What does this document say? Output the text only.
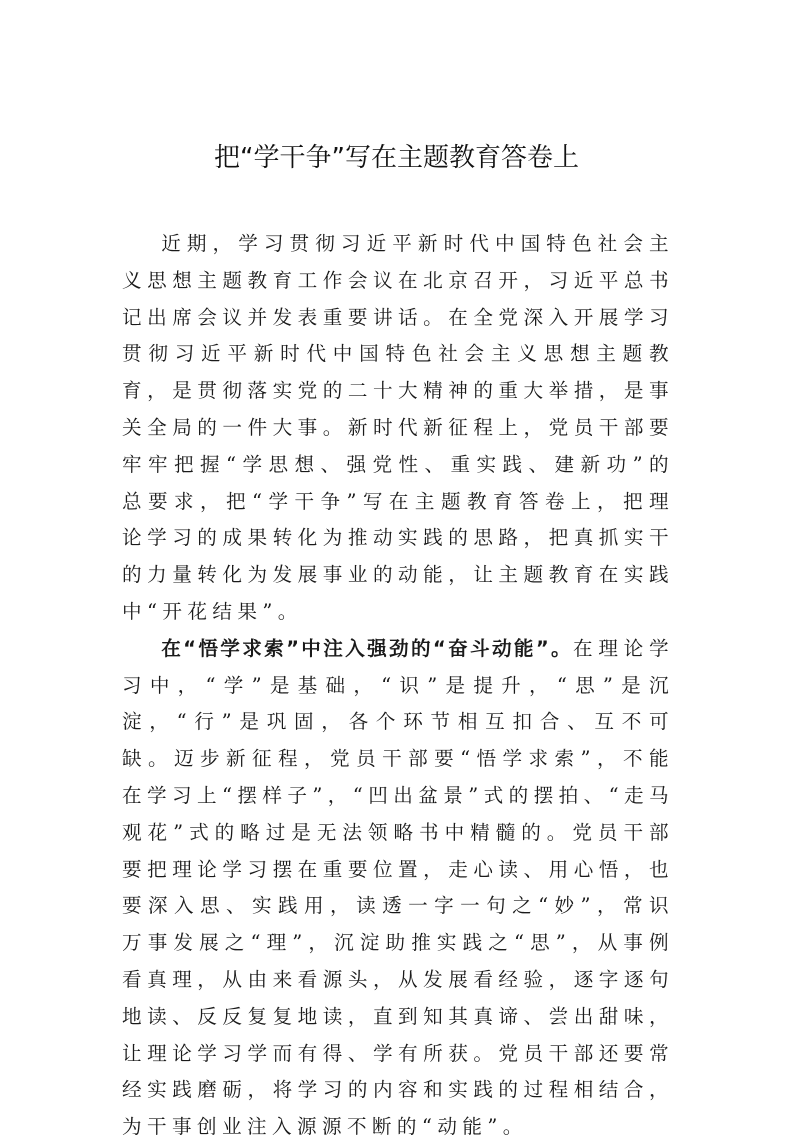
把“学干争”写在主题教育答卷上

近期，学习贯彻习近平新时代中国特色社会主义思想主题教育工作会议在北京召开，习近平总书记出席会议并发表重要讲话。在全党深入开展学习贯彻习近平新时代中国特色社会主义思想主题教育，是贯彻落实党的二十大精神的重大举措，是事关全局的一件大事。新时代新征程上，党员干部要牢牢把握“学思想、强党性、重实践、建新功”的总要求，把“学干争”写在主题教育答卷上，把理论学习的成果转化为推动实践的思路，把真抓实干的力量转化为发展事业的动能，让主题教育在实践中“开花结果”。

在“悟学求索”中注入强劲的“奋斗动能”。在理论学习中，“学”是基础，“识”是提升，“思”是沉淀，“行”是巩固，各个环节相互扣合、互不可缺。迈步新征程，党员干部要“悟学求索”，不能在学习上“摆样子”，“凹出盆景”式的摆拍、“走马观花”式的略过是无法领略书中精髓的。党员干部要把理论学习摆在重要位置，走心读、用心悟，也要深入思、实践用，读透一字一句之“妙”，常识万事发展之“理”，沉淀助推实践之“思”，从事例看真理，从由来看源头，从发展看经验，逐字逐句地读、反反复复地读，直到知其真谛、尝出甜味，让理论学习学而有得、学有所获。党员干部还要常经实践磨砺，将学习的内容和实践的过程相结合，为干事创业注入源源不断的“动能”。
